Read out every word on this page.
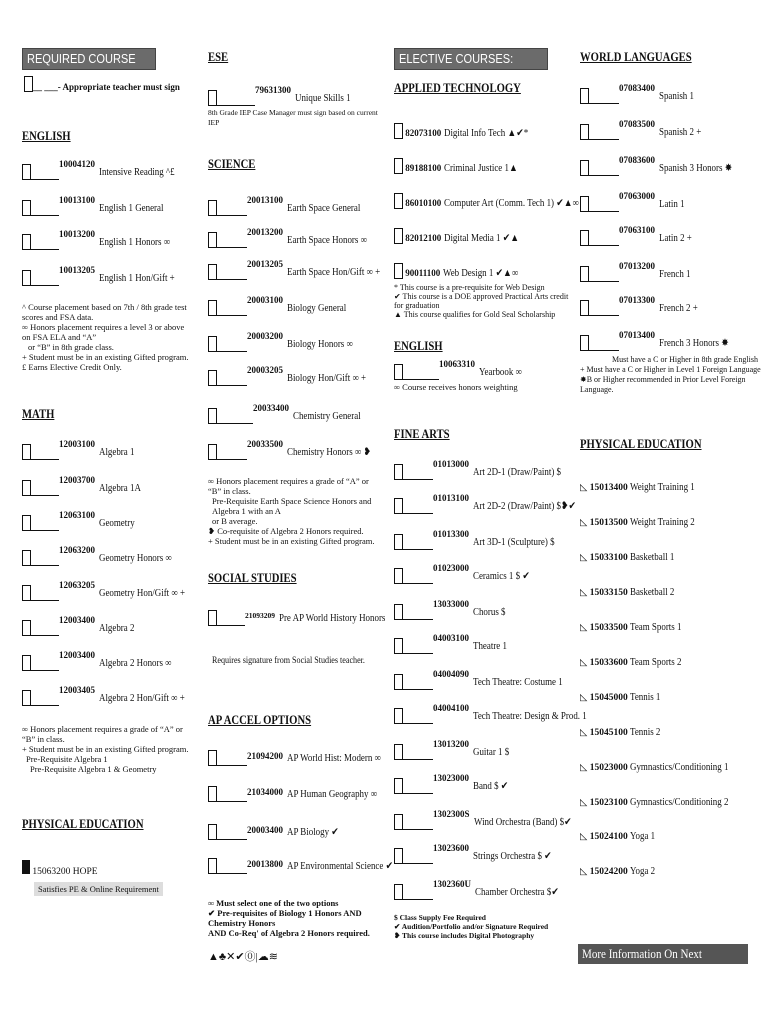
REQUIRED COURSE
__ ___- Appropriate teacher must sign
ENGLISH
$^{10004120}$ Intensive Reading ^£
$^{10013100}$ English 1 General
$^{10013200}$ English 1 Honors ∞
$^{10013205}$ English 1 Hon/Gift +
^ Course placement based on 7th / 8th grade test scores and FSA data.
∞ Honors placement requires a level 3 or above on FSA ELA and “A”
or “B” in 8th grade class.
+ Student must be in an existing Gifted program.
£ Earns Elective Credit Only.
MATH
$^{12003100}$ Algebra 1
$^{12003700}$ Algebra 1A
$^{12063100}$ Geometry
$^{12063200}$ Geometry Honors ∞
$^{12063205}$ Geometry Hon/Gift ∞ +
$^{12003400}$ Algebra 2
$^{12003400}$ Algebra 2 Honors ∞
$^{12003405}$ Algebra 2 Hon/Gift ∞ +
∞ Honors placement requires a grade of “A” or “B” in class.
+ Student must be in an existing Gifted program.
Pre-Requisite Algebra 1
Pre-Requisite Algebra 1 & Geometry
PHYSICAL EDUCATION
15063200 HOPE
Satisfies PE & Online Requirement
ESE
$^{79631300}$ Unique Skills 1
8th Grade IEP Case Manager must sign based on current IEP
SCIENCE
$^{20013100}$ Earth Space General
$^{20013200}$ Earth Space Honors ∞
$^{20013205}$ Earth Space Hon/Gift ∞ +
$^{20003100}$ Biology General
$^{20003200}$ Biology Honors ∞
$^{20003205}$ Biology Hon/Gift ∞ +
$^{20033400}$ Chemistry General
$^{20033500}$ Chemistry Honors ∞ ❥
∞ Honors placement requires a grade of “A” or “B” in class.
Pre-Requisite Earth Space Science Honors and Algebra 1 with an A
or B average.
❥ Co-requisite of Algebra 2 Honors required.
+ Student must be in an existing Gifted program.
SOCIAL STUDIES
21093209 Pre AP World History Honors
Requires signature from Social Studies teacher.
AP ACCEL OPTIONS
21094200 AP World Hist: Modern ∞
21034000 AP Human Geography ∞
20003400 AP Biology ✔
20013800 AP Environmental Science ✔
∞ Must select one of the two options
✔ Pre-requisites of Biology 1 Honors AND Chemistry Honors
AND Co-Req' of Algebra 2 Honors required.
▲♣✕✔⓪|☁≋
ELECTIVE COURSES:
APPLIED TECHNOLOGY
82073100 Digital Info Tech ▲✔*
89188100 Criminal Justice 1▲
86010100 Computer Art (Comm. Tech 1) ✔▲∞
82012100 Digital Media 1 ✔▲
90011100 Web Design 1 ✔▲∞
* This course is a pre-requisite for Web Design
✔ This course is a DOE approved Practical Arts credit for graduation
▲ This course qualifies for Gold Seal Scholarship
ENGLISH
$^{10063310}$ Yearbook ∞
∞ Course receives honors weighting
FINE ARTS
$^{01013000}$ Art 2D-1 (Draw/Paint) $
$^{01013100}$ Art 2D-2 (Draw/Paint) $❥✔
$^{01013300}$ Art 3D-1 (Sculpture) $
$^{01023000}$ Ceramics 1 $ ✔
$^{13033000}$ Chorus $
$^{04003100}$ Theatre 1
$^{04004090}$ Tech Theatre: Costume 1
$^{04004100}$ Tech Theatre: Design & Prod. 1
$^{13013200}$ Guitar 1 $
$^{13023000}$ Band $ ✔
$^{1302300S}$ Wind Orchestra (Band) $✔
$^{13023600}$ Strings Orchestra $ ✔
$^{1302360U}$ Chamber Orchestra $✔
$ Class Supply Fee Required
✔ Audition/Portfolio and/or Signature Required
❥ This course includes Digital Photography
WORLD LANGUAGES
$^{07083400}$ Spanish 1
$^{07083500}$ Spanish 2 +
$^{07083600}$ Spanish 3 Honors ✸
$^{07063000}$ Latin 1
$^{07063100}$ Latin 2 +
$^{07013200}$ French 1
$^{07013300}$ French 2 +
$^{07013400}$ French 3 Honors ✸
Must have a C or Higher in 8th grade English
+ Must have a C or Higher in Level 1 Foreign Language
✸B or Higher recommended in Prior Level Foreign Language.
PHYSICAL EDUCATION
◺ 15013400 Weight Training 1
◺ 15013500 Weight Training 2
◺ 15033100 Basketball 1
◺ 15033150 Basketball 2
◺ 15033500 Team Sports 1
◺ 15033600 Team Sports 2
◺ 15045000 Tennis 1
◺ 15045100 Tennis 2
◺ 15023000 Gymnastics/Conditioning 1
◺ 15023100 Gymnastics/Conditioning 2
◺ 15024100 Yoga 1
◺ 15024200 Yoga 2
More Information On Next Page…
